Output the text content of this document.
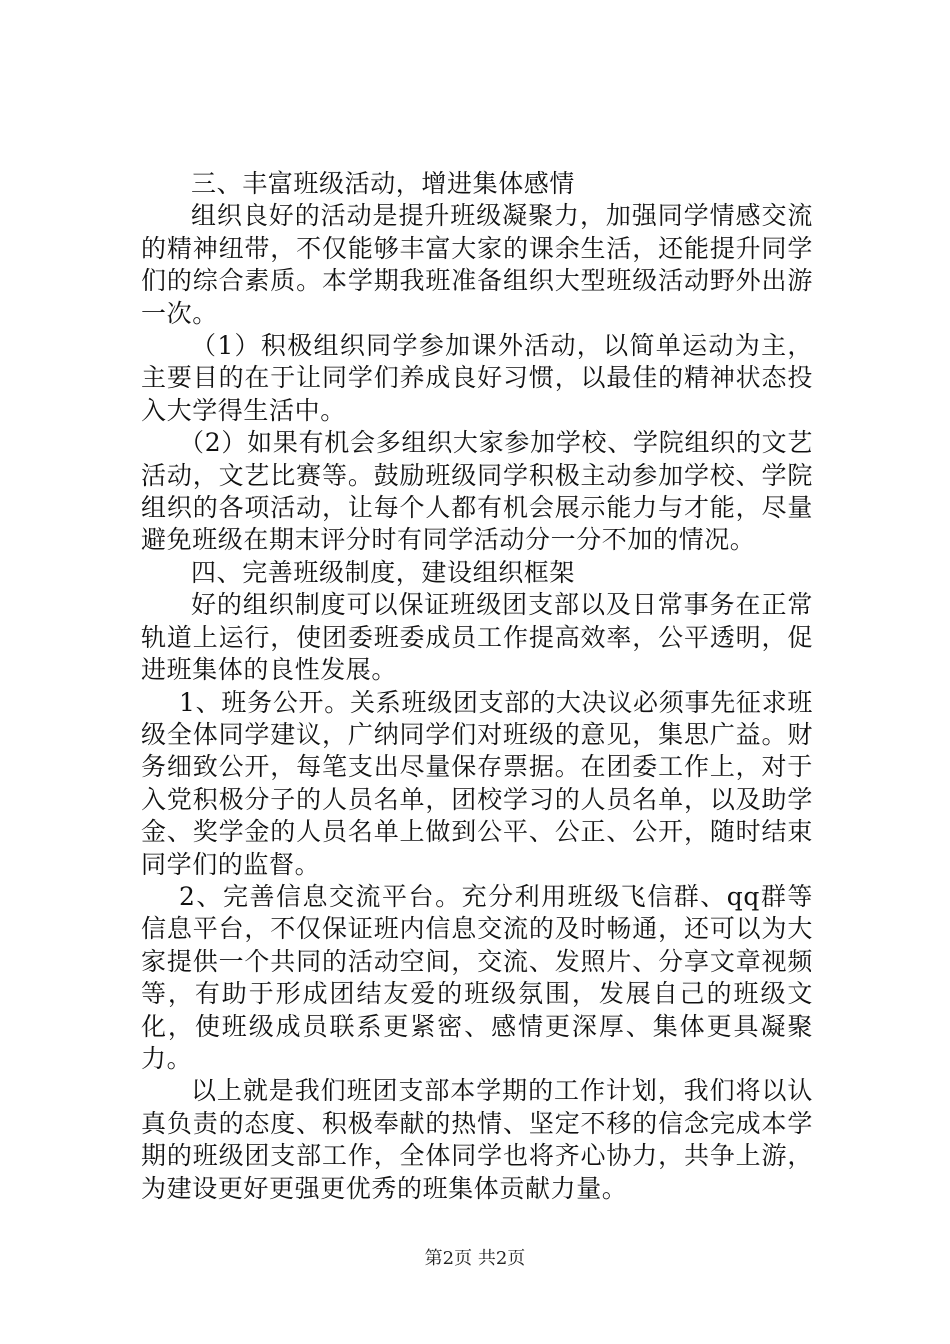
三、丰富班级活动，增进集体感情

组织良好的活动是提升班级凝聚力，加强同学情感交流的精神纽带，不仅能够丰富大家的课余生活，还能提升同学们的综合素质。本学期我班准备组织大型班级活动野外出游一次。

（1）积极组织同学参加课外活动，以简单运动为主，主要目的在于让同学们养成良好习惯，以最佳的精神状态投入大学得生活中。

（2）如果有机会多组织大家参加学校、学院组织的文艺活动，文艺比赛等。鼓励班级同学积极主动参加学校、学院组织的各项活动，让每个人都有机会展示能力与才能，尽量避免班级在期末评分时有同学活动分一分不加的情况。

四、完善班级制度，建设组织框架

好的组织制度可以保证班级团支部以及日常事务在正常轨道上运行，使团委班委成员工作提高效率，公平透明，促进班集体的良性发展。

1、班务公开。关系班级团支部的大决议必须事先征求班级全体同学建议，广纳同学们对班级的意见，集思广益。财务细致公开，每笔支出尽量保存票据。在团委工作上，对于入党积极分子的人员名单，团校学习的人员名单，以及助学金、奖学金的人员名单上做到公平、公正、公开，随时结束同学们的监督。

2、完善信息交流平台。充分利用班级飞信群、qq群等信息平台，不仅保证班内信息交流的及时畅通，还可以为大家提供一个共同的活动空间，交流、发照片、分享文章视频等，有助于形成团结友爱的班级氛围，发展自己的班级文化，使班级成员联系更紧密、感情更深厚、集体更具凝聚力。

以上就是我们班团支部本学期的工作计划，我们将以认真负责的态度、积极奉献的热情、坚定不移的信念完成本学期的班级团支部工作，全体同学也将齐心协力，共争上游，为建设更好更强更优秀的班集体贡献力量。

第2页 共2页
